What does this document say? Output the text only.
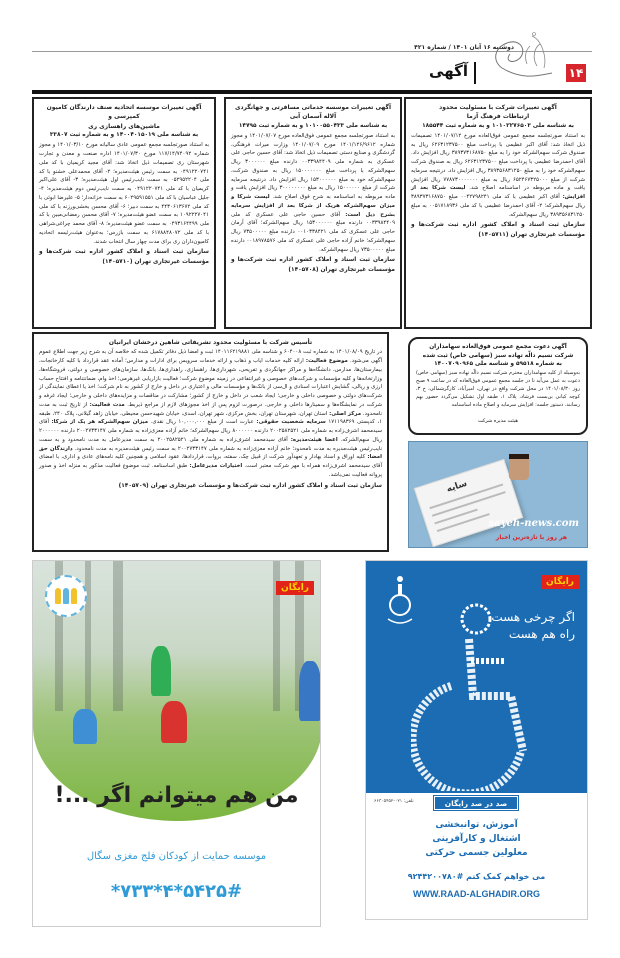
دوشنبه ۱۶ آبان ۱۴۰۱ / شماره ۴۲۱
۱۴
آگهی
آگهی تغییرات شرکت با مسئولیت محدود
ارتباطات فرهنگ آزما
به شناسه ملی ۱۰۱۰۲۲۷۶۵۰۳ و به شماره ثبت ۱۸۵۵۴۴
به استناد صورتجلسه مجمع عمومی فوق‌العاده مورخ ۱۴۰۱/۰۷/۱۲ تصمیمات ذیل اتخاذ شد: آقای اکبر عظیمی با پرداخت مبلغ ۶۲۶۳۱۲۳۷۵۰۰ ریال به صندوق شرکت سهم‌الشرکه خود را به مبلغ ۳۸۹۳۷۳۱۶۸۷۵۰ ریال افزایش داد. آقای احمدرضا عظیمی با پرداخت مبلغ ۶۲۶۳۱۲۳۷۵۰۰ ریال به صندوق شرکت سهم‌الشرکه خود را به مبلغ ۳۸۹۳۵۶۸۳۱۲۵۰ ریال افزایش داد. درنتیجه سرمایه شرکت از مبلغ ۶۵۲۴۶۷۳۲۵۰۰۰ ریال به مبلغ ۷۷۸۷۳۰۰۰۰۰۰۰ ریال افزایش یافت و ماده مربوطه در اساسنامه اصلاح شد. لیست شرکا بعد از افزایش: آقای اکبر عظیمی با کد ملی ۰۰۴۲۷۹۸۲۴۱ مبلغ ۳۸۹۳۷۳۱۶۸۷۵۰ ریال سهم‌الشرکه؛ ۲- آقای احمدرضا عظیمی با کد ملی ۰۰۵۱۷۱۸۹۳۶ به مبلغ ۳۸۹۳۵۶۸۳۱۲۵۰ ریال سهم‌الشرکه.
سازمان ثبت اسناد و املاک کشور اداره ثبت شرکت‌ها و مؤسسات غیرتجاری تهران (۱۴۰۵۷۱۱)
آگهی تغییرات موسسه خدماتی مسافرتی و جهانگردی
آلاله آسمان آبی
به شناسه ملی ۱۰۱۰۰۵۵۰۴۳۳ و به شماره ثبت ۱۴۷۹۵
به استناد صورتجلسه مجمع عمومی فوق‌العاده مورخ ۱۴۰۱/۰۷/۰۷ و مجوز شماره ۱۴۰۱/۱۲۶/۹۶۱۲ مورخ ۱۴۰۱/۰۷/۰۹ وزارت میراث فرهنگی، گردشگری و صنایع دستی تصمیمات ذیل اتخاذ شد: آقای حسین حاجی علی عسکری به شماره ملی ۰۰۳۳۹۸۴۴۰۹ دارنده مبلغ ۳۰۰۰۰۰۰ ریال سهم‌الشرکه با پرداخت مبلغ ۱۵۰۰۰۰۰۰۰ ریال به صندوق شرکت، سهم‌الشرکه خود به مبلغ ۱۵۳۰۰۰۰۰۰ ریال افزایش داد. درنتیجه سرمایه شرکت از مبلغ ۱۵۰۰۰۰۰۰ ریال به مبلغ ۳۰۰۰۰۰۰۰۰ ریال افزایش یافت و ماده مربوطه به اساسنامه به شرح فوق اصلاح شد. لیست شرکا و میزان سهم‌الشرکه هریک از شرکا بعد از افزایش سرمایه بشرح ذیل است: آقای حسین حاجی علی عسکری کد ملی ۰۰۳۳۹۸۴۴۰۹ دارنده مبلغ ۱۵۳۰۰۰۰۰۰ ریال سهم‌الشرکه؛ آقای آرمان حاجی علی عسکری کد ملی ۰۰۱۰۳۳۸۴۲۱ دارنده مبلغ ۷۳۵۰۰۰۰۰ ریال سهم‌الشرکه؛ خانم آزاده حاجی علی عسکری کد ملی ۰۰۱۸۹۷۸۵۷۶ دارنده مبلغ ۷۳۵۰۰۰۰۰ ریال سهم‌الشرکه.
سازمان ثبت اسناد و املاک کشور اداره ثبت شرکت‌ها و مؤسسات غیرتجاری تهران (۱۴۰۵۷۰۸)
آگهی تغییرات موسسه اتحادیه صنف دارندگان کامیون کمپرسی و
ماشین‌های راهسازی ری
به شناسه ملی ۱۴۰۰۴۰۱۵۰۱۹ و به شماره ثبت ۳۳۸۰۷
به استناد صورتجلسه مجمع عمومی عادی سالیانه مورخ ۱۴۰۱/۰۳/۱۰ و مجوز شماره ۱۱۷/۱۴/۷۴۰۹۲ مورخ ۱۴۰۱/۰۷/۳۰ اداره صنعت و معدن و تجارت شهرستان ری تصمیمات ذیل اتخاذ شد: آقای مجید کریمیان با کد ملی ۰۴۹۱۲۲۰۷۴۱ به سمت رئیس هیئت‌مدیره؛ ۲- آقای محمدعلی خشنو با کد ملی ۰۵۲۹۵۲۲۰۴ به سمت نایب‌رئیس اول هیئت‌مدیره؛ ۳- آقای علی‌اکبر کریمیان با کد ملی ۰۴۹۱۲۲۰۷۴۱ به سمت نایب‌رئیس دوم هیئت‌مدیره؛ ۴- جلیل عباسیان با کد ملی ۶۰۲۹۵۹۱۵۵۱ به سمت خزانه‌دار؛ ۵- علیرضا ابوئی با کد ملی ۴۴۳۰۶۱۳۶۷۲ به سمت دبیر؛ ۶- آقای محسن بخشی‌ورزنه با کد ملی ۱۰۹۲۲۲۷۰۴۱ به سمت عضو هیئت‌مدیره؛ ۷- آقای محسن رمضانی‌مبین با کد ملی ۰۴۹۳۱۶۴۴۹۹ به سمت عضو هیئت‌مدیره؛ ۸- آقای محمد چراغی‌شراهی با کد ملی ۶۱۷۸۸۴۸۰۷۲ به سمت بازرس؛ به‌عنوان هیئت‌رئیسه اتحادیه کامیون‌داران ری برای مدت چهار سال انتخاب شدند.
سازمان ثبت اسناد و املاک کشور اداره ثبت شرکت‌ها و مؤسسات غیرتجاری تهران (۱۴۰۵۷۱۰)
تأسیس شرکت با مسئولیت محدود تشریفاتی شاهین درخشان ایرانیان
در تاریخ ۱۴۰۱/۰۸/۰۹ به شماره ثبت ۶۰۴۰۰۸ و شناسه ملی ۱۴۰۱۱۶۲۱۹۸۸۱ ثبت و امضا ذیل دفاتر تکمیل شده که خلاصه آن به شرح زیر جهت اطلاع عموم آگهی می‌شود. موضوع فعالیت: ارائه کلیه خدمات ایاب و ذهاب و ارائه خدمات سرویس برای ادارات و مدارس؛ آماده عقد قرارداد با کلیه کارخانجات، بیمارستان‌ها، مدارس، دانشگاه‌ها و مراکز جهانگردی و تفریحی، شهرداری‌ها، راهسازی، راهداری‌ها، بانک‌ها، سازمان‌های خصوصی و دولتی، فروشگاه‌ها، وزارتخانه‌ها و کلیه مؤسسات و شرکت‌های خصوصی و غیرانتفاعی در زمینه موضوع شرکت؛ فعالیت بازاریابی غیرهرمی؛ اخذ وام، ضمانتنامه و افتتاح حساب ارزی و ریالی، گشایش اعتبارات اسنادی و ال‌سی از بانک‌ها و مؤسسات مالی و اعتباری در داخل و خارج از کشور به نام شرکت؛ اخذ یا اعطای نمایندگی از شرکت‌های دولتی و خصوصی داخلی و خارجی؛ ایجاد شعب در داخل و خارج از کشور؛ مشارکت در مناقصات و مزایده‌های داخلی و خارجی؛ ایجاد غرفه و شرکت در نمایشگاه‌ها و سمینارها داخلی و خارجی. درصورت لزوم پس از اخذ مجوزهای لازم از مراجع ذیربط. مدت فعالیت: از تاریخ ثبت به مدت نامحدود. مرکز اصلی: استان تهران، شهرستان تهران، بخش مرکزی، شهر تهران، اسدی، خیابان شهیدحسن محیطی، خیابان زاهد گیلانی، پلاک ۲۴۰، طبقه ۱، کدپستی ۱۷۱۱۹۸۳۶۹ سرمایه شخصیت حقوقی: عبارت است از مبلغ ۱۰,۰۰۰,۰۰۰ ریال نقدی. میزان سهم‌الشرکه هر یک از شرکا: آقای سیدمحمد اشرف‌زاده به شماره ملی ۲۰۰۲۵۸۲۵۲۱ دارنده ۸۰۰۰۰۰۰ ریال سهم‌الشرکه؛ خانم آزاده معزی‌زاده به شماره ملی ۲۰۰۲۷۳۳۱۴۷ دارنده ۲۰۰۰۰۰۰ ریال سهم‌الشرکه. اعضا هیئت‌مدیره: آقای سیدمحمد اشرف‌زاده به شماره ملی ۲۰۰۲۵۸۲۵۲۱ به سمت مدیرعامل به مدت نامحدود و به سمت نایب‌رئیس هیئت‌مدیره به مدت نامحدود؛ خانم آزاده معزی‌زاده به شماره ملی ۲۰۰۲۷۳۳۱۴۷ به سمت رئیس هیئت‌مدیره به مدت نامحدود. دارندگان حق امضا: کلیه اوراق و اسناد بهادار و تعهدآور شرکت از قبیل چک، سفته، بروات، قراردادها، عقود اسلامی و همچنین کلیه نامه‌های عادی و اداری، با امضای آقای سیدمحمد اشرف‌زاده همراه با مهر شرکت معتبر است. اختیارات مدیرعامل: طبق اساسنامه. ثبت موضوع فعالیت مذکور به منزله اخذ و صدور پروانه فعالیت نمی‌باشد.
سازمان ثبت اسناد و املاک کشور اداره ثبت شرکت‌ها و مؤسسات غیرتجاری تهران (۱۴۰۵۷۰۹)
آگهی دعوت مجمع عمومی فوق‌العاده سهامداران
شرکت نسیم دالّه تهاده سبز (سهامی خاص) ثبت شده
به شماره ۵۹۵۱۸ و شناسه ملی ۱۴۰۰۷۰۹۰۹۶۵
به‌وسیله از کلیه سهامداران محترم شرکت نسیم دالّه تهاده سبز (سهامی خاص) دعوت به عمل می‌آید تا در جلسه مجمع عمومی فوق‌العاده که در ساعت ۹ صبح روز ۱۴۰۱/۰۸/۳۰ در محل شرکت واقع در تهران، امیرآباد، کارگرشمالی، خ ۳، کوچه کیانی بن‌بست فرشاد، پلاک ۱، طبقه اول تشکیل می‌گردد حضور بهم رسانند. دستور جلسه: افزایش سرمایه و اصلاح ماده اساسنامه
هیئت مدیره شرکت
سایه
sayeh-news.com
هر روز با تازه‌ترین اخبار
رایگان
من هم میتوانم اگر ...!
موسسه حمایت از کودکان فلج مغزی سگال
*۷۳۳*۴*۵۴۲۵#
رایگان
اگر چرخی هست
راه هم هست
تلفن: ۰۲۱-۶۶۳۰۵۴۵۲	صد در صد رایگان
آموزش، توانبخشی
اشتغال و کارآفرینی
معلولین جسمی حرکتی
می خواهم کمک کنم #۹۲۴۴۲۰۰۷۸۰
WWW.RAAD-ALGHADIR.ORG
